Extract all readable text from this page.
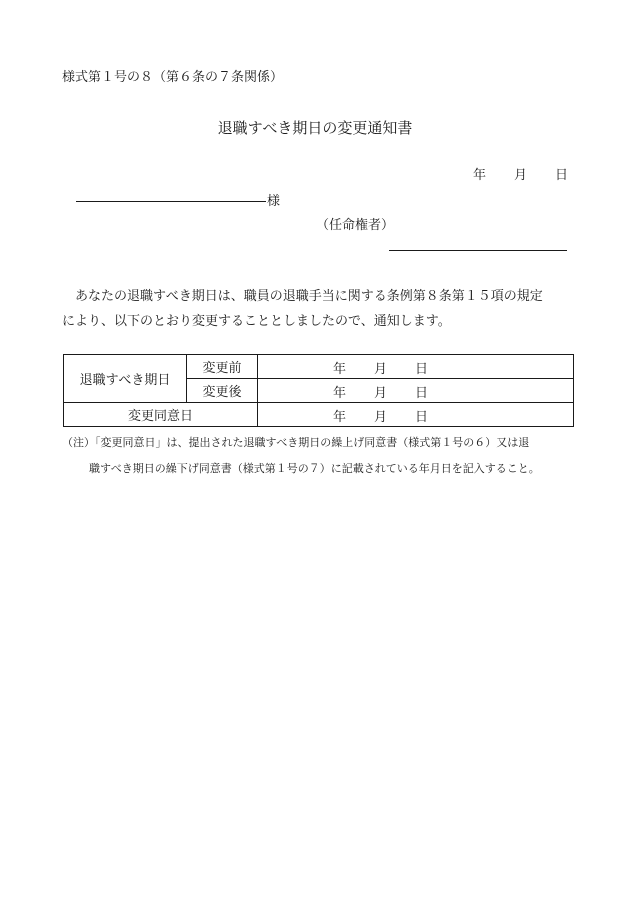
様式第１号の８（第６条の７条関係）
退職すべき期日の変更通知書
年 月 日
様
（任命権者）
あなたの退職すべき期日は、職員の退職手当に関する条例第８条第１５項の規定
により、以下のとおり変更することとしましたので、通知します。
退職すべき期日	変更前	年 月 日

	変更後	年 月 日

変更同意日		年 月 日
（注）「変更同意日」は、提出された退職すべき期日の繰上げ同意書（様式第１号の６）又は退
職すべき期日の繰下げ同意書（様式第１号の７）に記載されている年月日を記入すること。
